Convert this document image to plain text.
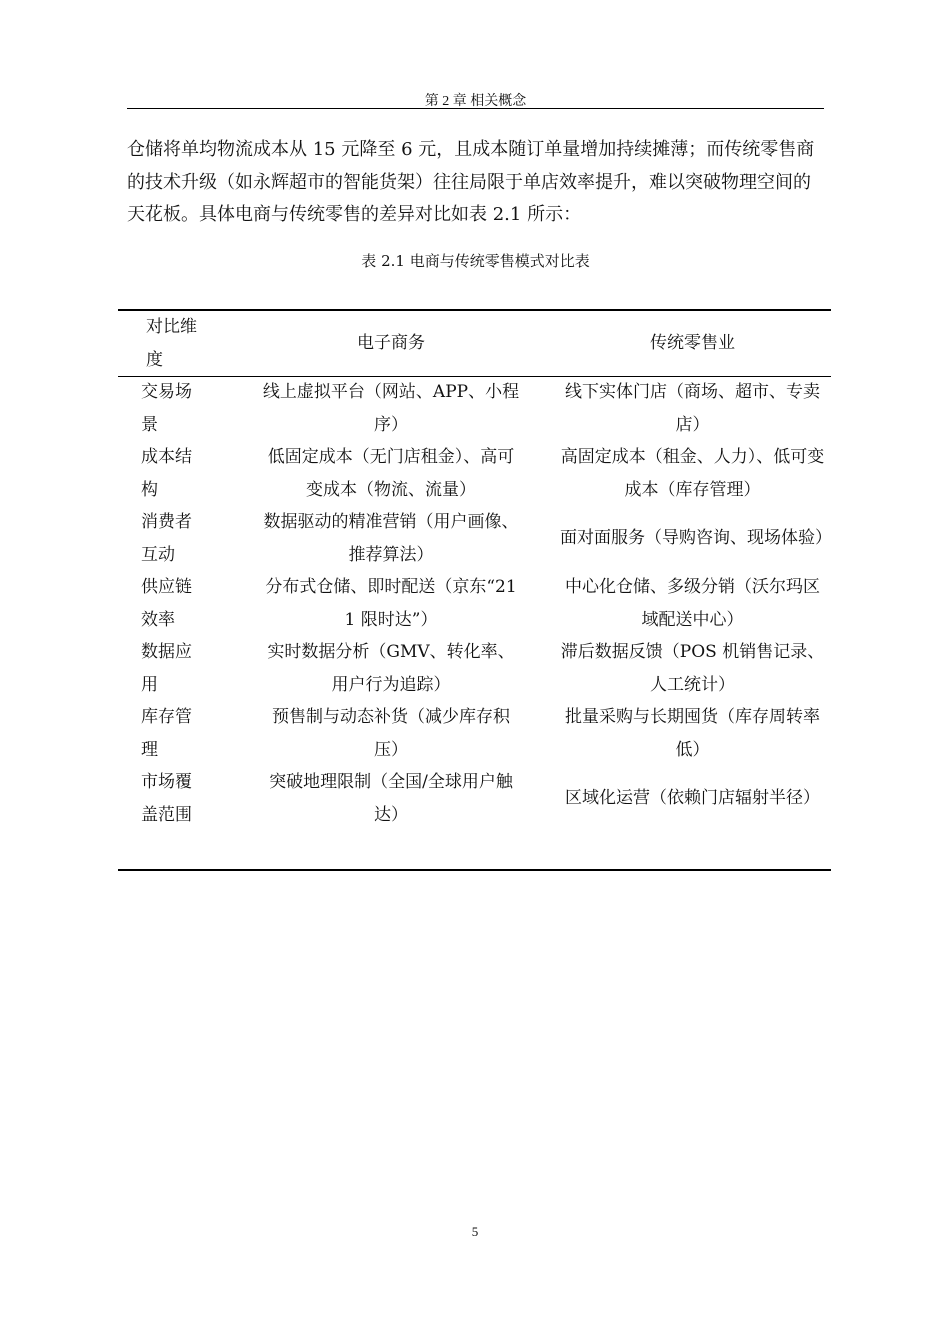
第 2 章 相关概念
仓储将单均物流成本从 15 元降至 6 元，且成本随订单量增加持续摊薄；而传统零售商的技术升级（如永辉超市的智能货架）往往局限于单店效率提升，难以突破物理空间的天花板。具体电商与传统零售的差异对比如表 2.1 所示：
表 2.1 电商与传统零售模式对比表
对比维度	电子商务	传统零售业
交易场景	线上虚拟平台（网站、APP、小程序）	线下实体门店（商场、超市、专卖店）
成本结构	低固定成本（无门店租金）、高可变成本（物流、流量）	高固定成本（租金、人力）、低可变成本（库存管理）
消费者互动	数据驱动的精准营销（用户画像、推荐算法）	面对面服务（导购咨询、现场体验）
供应链效率	分布式仓储、即时配送（京东“211 限时达”）	中心化仓储、多级分销（沃尔玛区域配送中心）
数据应用	实时数据分析（GMV、转化率、用户行为追踪）	滞后数据反馈（POS 机销售记录、人工统计）
库存管理	预售制与动态补货（减少库存积压）	批量采购与长期囤货（库存周转率低）
市场覆盖范围	突破地理限制（全国/全球用户触达）	区域化运营（依赖门店辐射半径）
5
